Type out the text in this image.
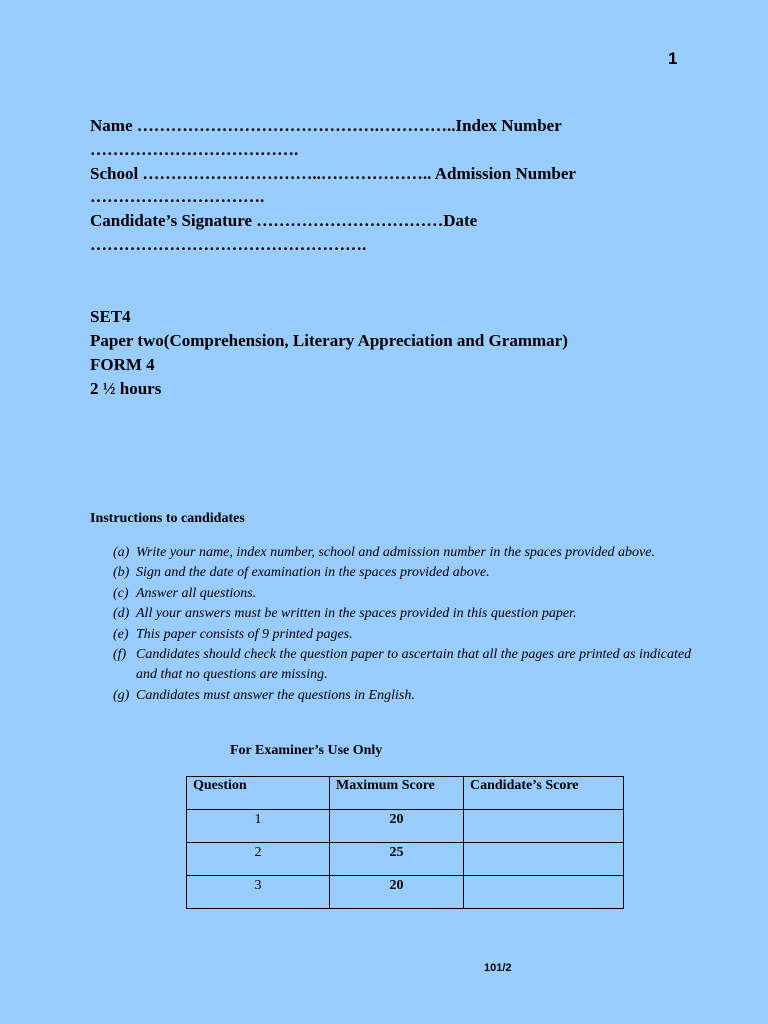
1
Name …………………………………….…………..Index Number
……………………………….
School …………………………..……………….. Admission Number
………………………….
Candidate’s Signature ……………………………Date
………………………………………….
SET4
Paper two(Comprehension, Literary Appreciation and Grammar)
FORM 4
2 ½ hours
Instructions to candidates
(a) Write your name, index number, school and admission number in the spaces provided above.
(b) Sign and the date of examination in the spaces provided above.
(c) Answer all questions.
(d) All your answers must be written in the spaces provided in this question paper.
(e) This paper consists of 9 printed pages.
(f) Candidates should check the question paper to ascertain that all the pages are printed as indicated and that no questions are missing.
(g) Candidates must answer the questions in English.
For Examiner’s Use Only
Question	Maximum Score	Candidate’s Score
1	20	
2	25	
3	20	
101/2
